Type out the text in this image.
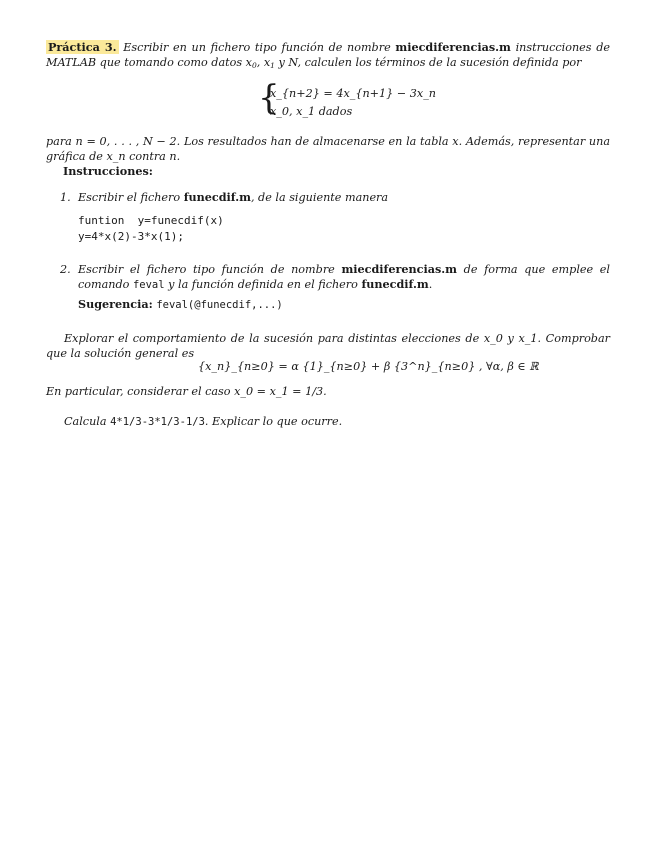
Práctica 3. Escribir en un fichero tipo función de nombre miecdiferencias.m instrucciones de MATLAB que tomando como datos $x_0$, $x_1$ y N, calculen los términos de la sucesión definida por
{
x_{n+2} = 4x_{n+1} − 3x_n
x_0, x_1 dados
para n = 0, . . . , N − 2. Los resultados han de almacenarse en la tabla x. Además, representar una gráfica de x_n contra n.
Instrucciones:
1. Escribir el fichero funecdif.m, de la siguiente manera
funtion  y=funecdif(x)
y=4*x(2)-3*x(1);
2. Escribir el fichero tipo función de nombre miecdiferencias.m de forma que emplee el comando feval y la función definida en el fichero funecdif.m.
Sugerencia: feval(@funecdif,...)
Explorar el comportamiento de la sucesión para distintas elecciones de x_0 y x_1. Comprobar que la solución general es
{x_n}_{n≥0} = α {1}_{n≥0} + β {3^n}_{n≥0} , ∀α, β ∈ ℝ
En particular, considerar el caso x_0 = x_1 = 1/3.
Calcula 4*1/3-3*1/3-1/3. Explicar lo que ocurre.
